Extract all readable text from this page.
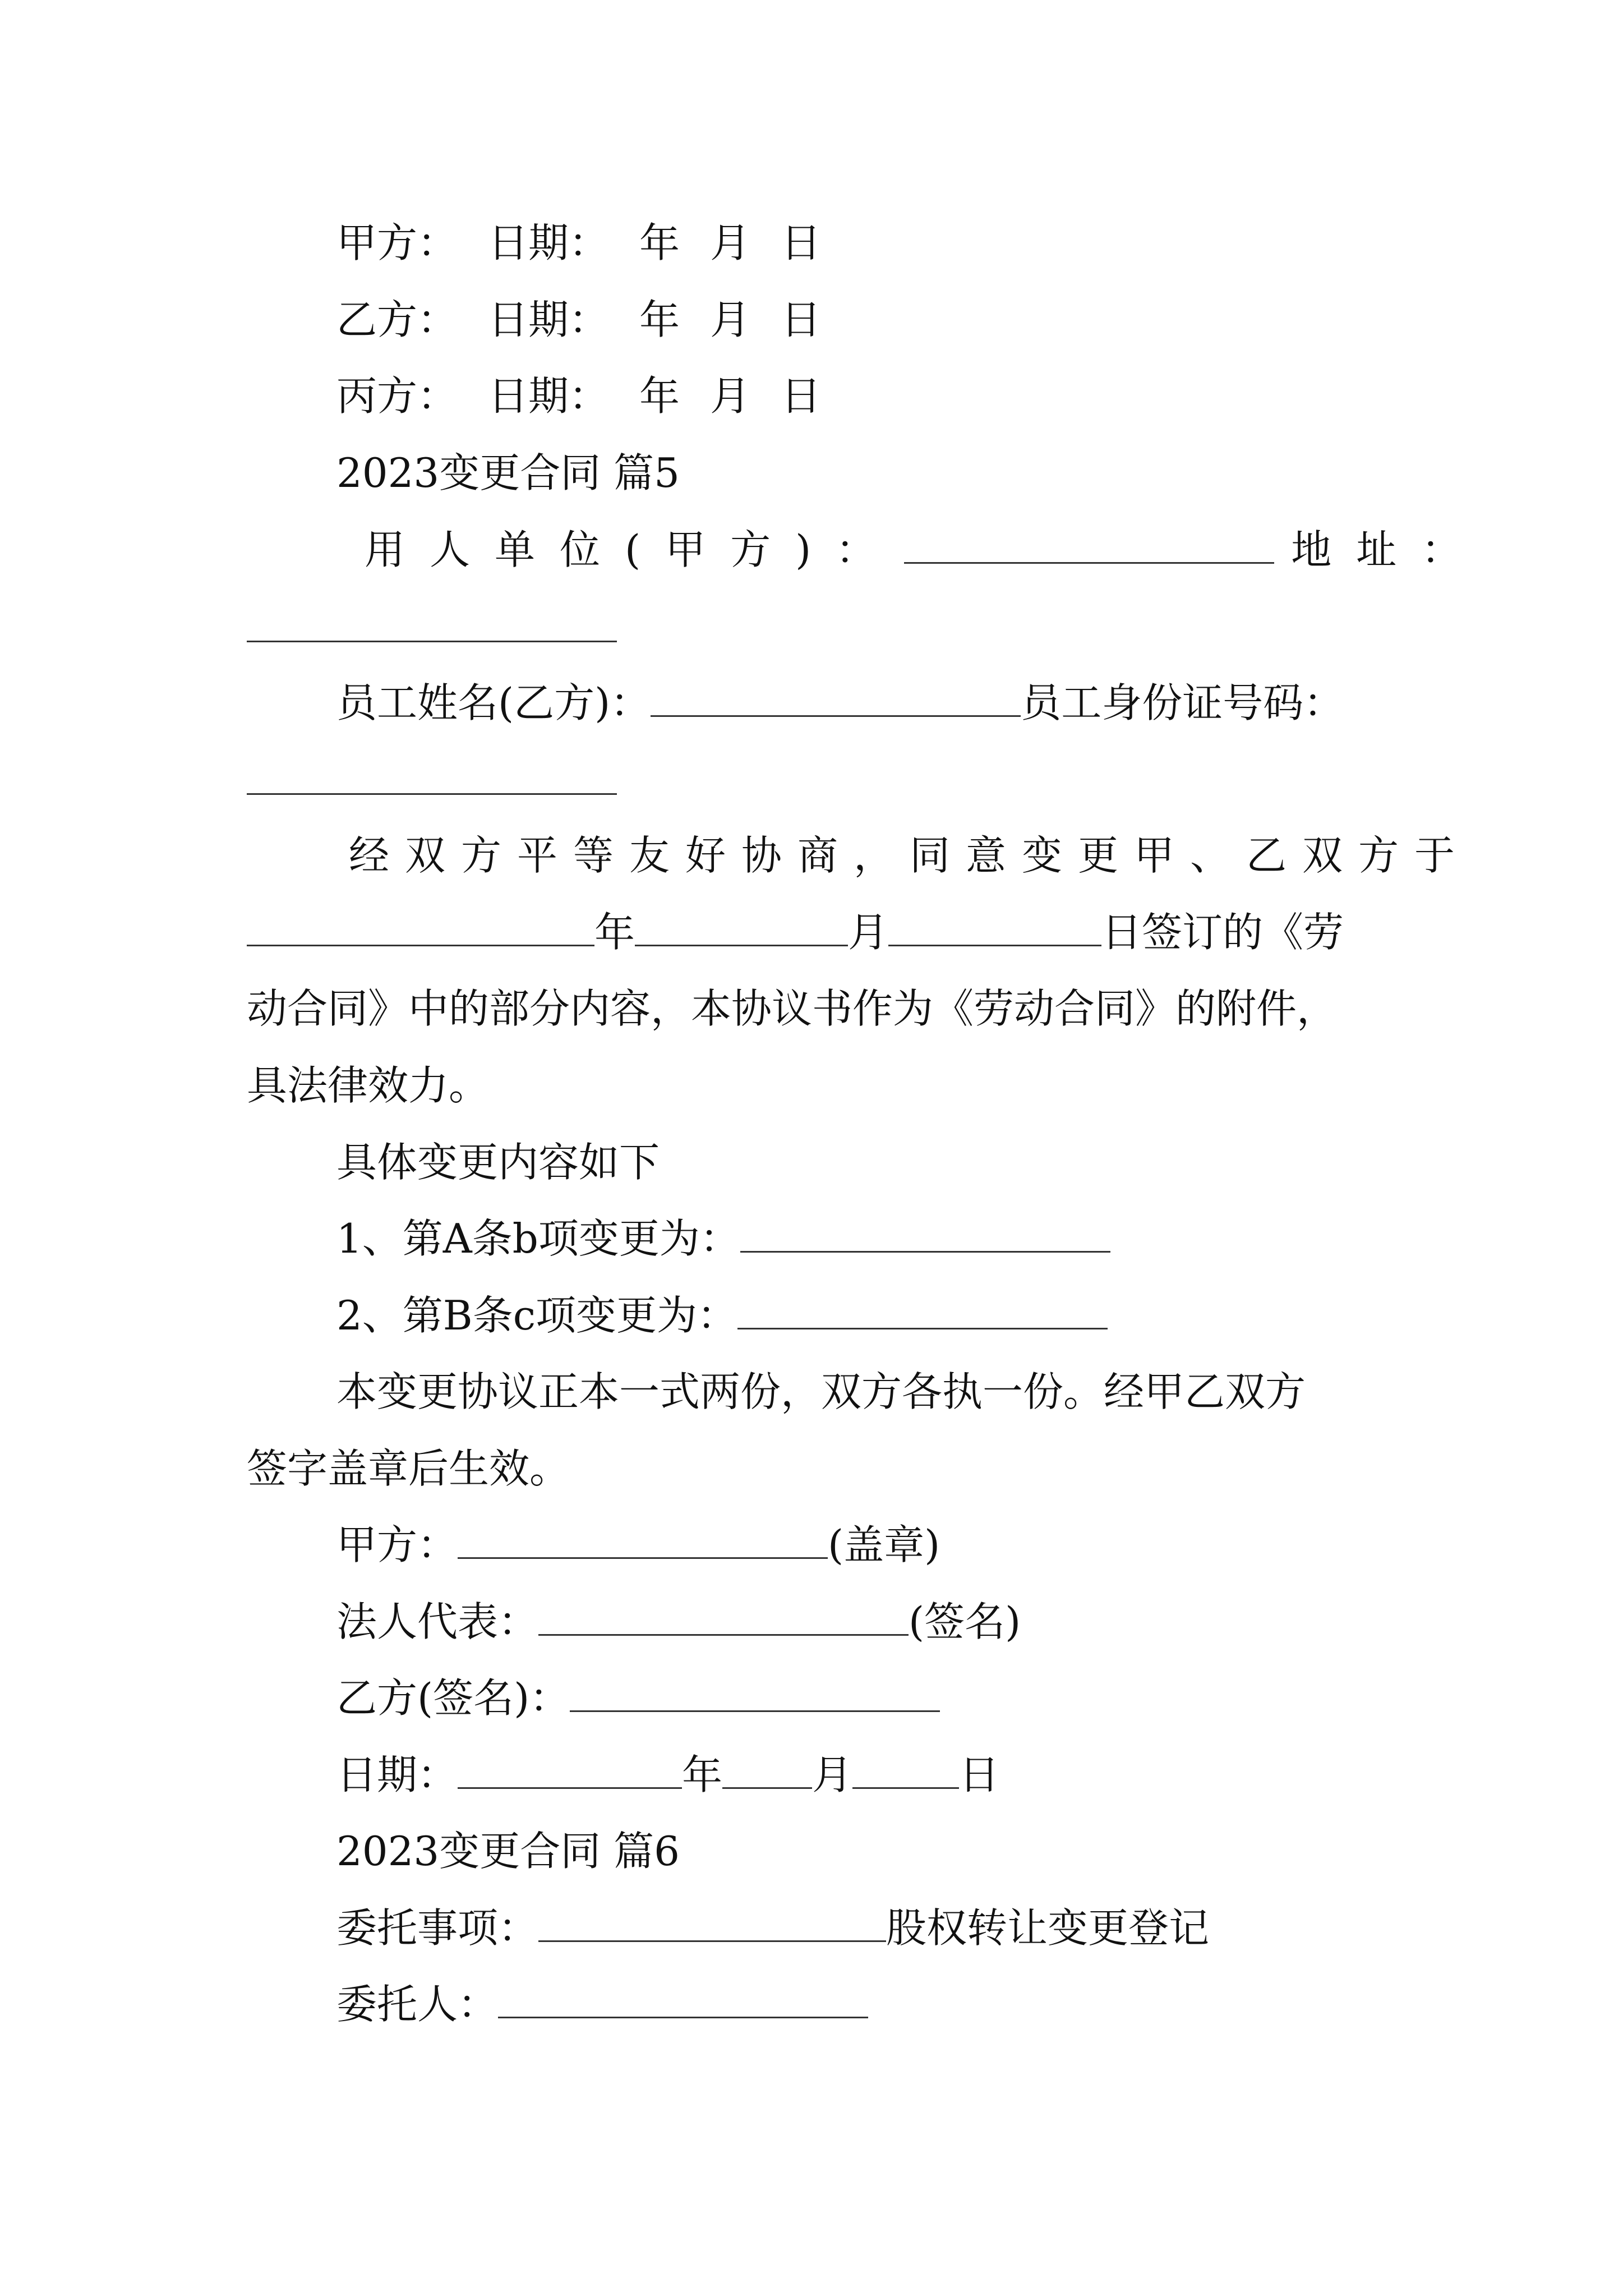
甲方： 日期： 年 月 日
乙方： 日期： 年 月 日
丙方： 日期： 年 月 日
2023变更合同 篇5
用人单位(甲方)：	地址：
员工姓名(乙方)：	员工身份证号码：
经双方平等友好协商，同意变更甲、乙双方于
年	月	日签订的《劳
动合同》中的部分内容，本协议书作为《劳动合同》的附件，
具法律效力。
具体变更内容如下
1、第A条b项变更为：
2、第B条c项变更为：
本变更协议正本一式两份，双方各执一份。经甲乙双方
签字盖章后生效。
甲方：	(盖章)
法人代表：	(签名)
乙方(签名)：
日期：	年 月	日
2023变更合同 篇6
委托事项：	股权转让变更登记
委托人：
